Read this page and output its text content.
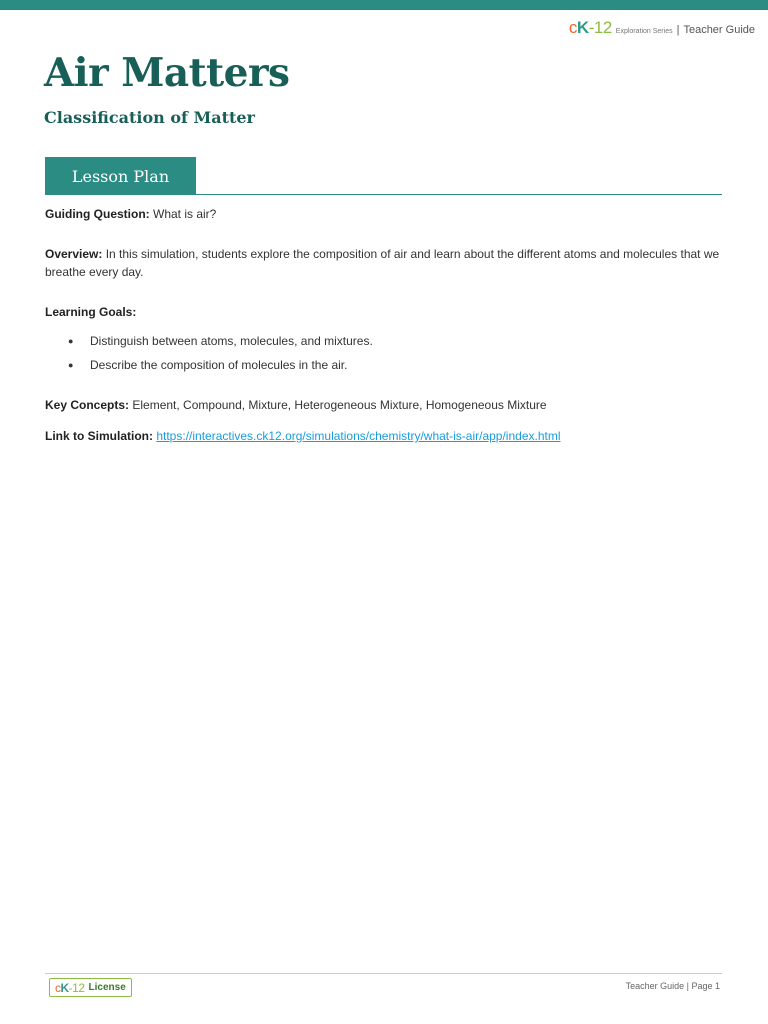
cK-12 Exploration Series | Teacher Guide
Air Matters
Classification of Matter
Lesson Plan

Guiding Question: What is air?

Overview: In this simulation, students explore the composition of air and learn about the different atoms and molecules that we breathe every day.

Learning Goals:

● Distinguish between atoms, molecules, and mixtures.
● Describe the composition of molecules in the air.

Key Concepts: Element, Compound, Mixture, Heterogeneous Mixture, Homogeneous Mixture

Link to Simulation: https://interactives.ck12.org/simulations/chemistry/what-is-air/app/index.html

cK-12 License	Teacher Guide | Page 1
